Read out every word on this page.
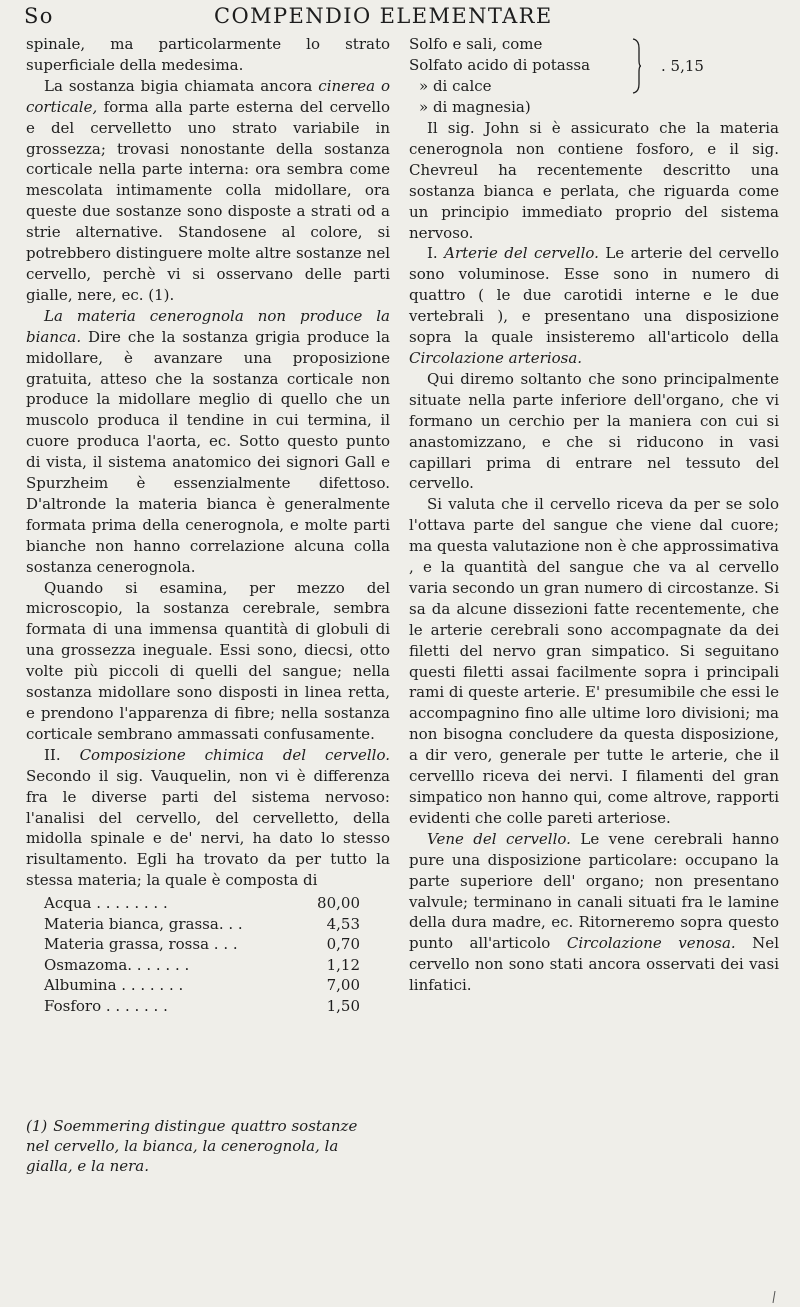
So	COMPENDIO ELEMENTARE

spinale, ma particolarmente lo strato superficiale della medesima.

La sostanza bigia chiamata ancora cinerea o corticale, forma alla parte esterna del cervello e del cervelletto uno strato variabile in grossezza; trovasi nonostante della sostanza corticale nella parte interna: ora sembra come mescolata intimamente colla midollare, ora queste due sostanze sono disposte a strati od a strie alternative. Standosene al colore, si potrebbero distinguere molte altre sostanze nel cervello, perchè vi si osservano delle parti gialle, nere, ec. (1).

La materia cenerognola non produce la bianca. Dire che la sostanza grigia produce la midollare, è avanzare una proposizione gratuita, atteso che la sostanza corticale non produce la midollare meglio di quello che un muscolo produca il tendine in cui termina, il cuore produca l'aorta, ec. Sotto questo punto di vista, il sistema anatomico dei signori Gall e Spurzheim è essenzialmente difettoso. D'altronde la materia bianca è generalmente formata prima della cenerognola, e molte parti bianche non hanno correlazione alcuna colla sostanza cenerognola.

Quando si esamina, per mezzo del microscopio, la sostanza cerebrale, sembra formata di una immensa quantità di globuli di una grossezza ineguale. Essi sono, diecsi, otto volte più piccoli di quelli del sangue; nella sostanza midollare sono disposti in linea retta, e prendono l'apparenza di fibre; nella sostanza corticale sembrano ammassati confusamente.

II. Composizione chimica del cervello. Secondo il sig. Vauquelin, non vi è differenza fra le diverse parti del sistema nervoso: l'analisi del cervello, del cervelletto, della midolla spinale e de' nervi, ha dato lo stesso risultamento. Egli ha trovato da per tutto la stessa materia; la quale è composta di

Acqua . . . . . . . .	80,00
Materia bianca, grassa. . .	4,53
Materia grassa, rossa . . .	0,70
Osmazoma. . . . . . .	1,12
Albumina . . . . . . .	7,00
Fosforo . . . . . . .	1,50
Solfo e sali, come
Solfato acido di potassa
» di calce
» di magnesia)
. 5,15

Il sig. John si è assicurato che la materia cenerognola non contiene fosforo, e il sig. Chevreul ha recentemente descritto una sostanza bianca e perlata, che riguarda come un principio immediato proprio del sistema nervoso.

I. Arterie del cervello. Le arterie del cervello sono voluminose. Esse sono in numero di quattro ( le due carotidi interne e le due vertebrali ), e presentano una disposizione sopra la quale insisteremo all'articolo della Circolazione arteriosa.

Qui diremo soltanto che sono principalmente situate nella parte inferiore dell'organo, che vi formano un cerchio per la maniera con cui si anastomizzano, e che si riducono in vasi capillari prima di entrare nel tessuto del cervello.

Si valuta che il cervello riceva da per se solo l'ottava parte del sangue che viene dal cuore; ma questa valutazione non è che approssimativa , e la quantità del sangue che va al cervello varia secondo un gran numero di circostanze. Si sa da alcune dissezioni fatte recentemente, che le arterie cerebrali sono accompagnate da dei filetti del nervo gran simpatico. Si seguitano questi filetti assai facilmente sopra i principali rami di queste arterie. E' presumibile che essi le accompagnino fino alle ultime loro divisioni; ma non bisogna concludere da questa disposizione, a dir vero, generale per tutte le arterie, che il cervelllo riceva dei nervi. I filamenti del gran simpatico non hanno qui, come altrove, rapporti evidenti che colle pareti arteriose.

Vene del cervello. Le vene cerebrali hanno pure una disposizione particolare: occupano la parte superiore dell' organo; non presentano valvule; terminano in canali situati fra le lamine della dura madre, ec. Ritorneremo sopra questo punto all'articolo Circolazione venosa. Nel cervello non sono stati ancora osservati dei vasi linfatici.

(1) Soemmering distingue quattro sostanze nel cervello, la bianca, la cenerognola, la gialla, e la nera.
